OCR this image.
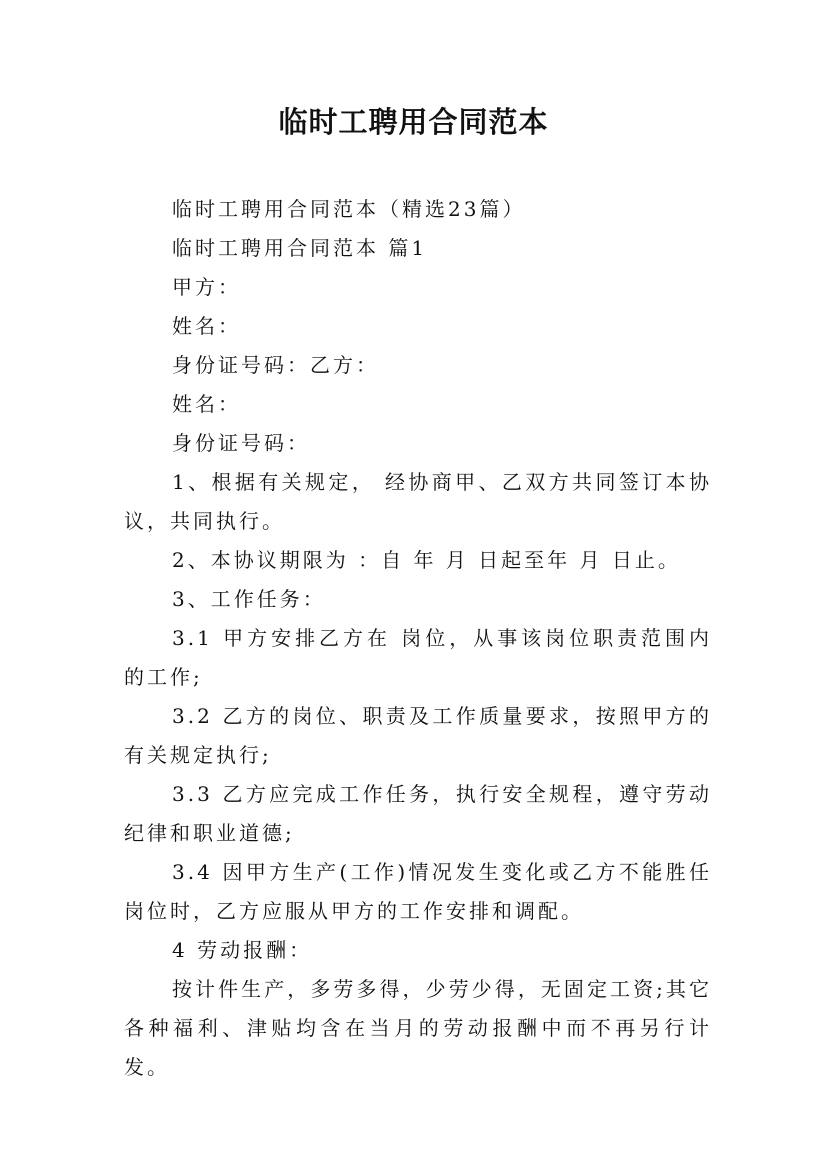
临时工聘用合同范本

临时工聘用合同范本（精选23篇）

临时工聘用合同范本 篇1

甲方：

姓名：

身份证号码：乙方：

姓名：

身份证号码：

1、根据有关规定， 经协商甲、乙双方共同签订本协议，共同执行。

2、本协议期限为 ：自 年 月 日起至年 月 日止。

3、工作任务：

3.1 甲方安排乙方在 岗位，从事该岗位职责范围内的工作;

3.2 乙方的岗位、职责及工作质量要求，按照甲方的有关规定执行;

3.3 乙方应完成工作任务，执行安全规程，遵守劳动纪律和职业道德;

3.4 因甲方生产(工作)情况发生变化或乙方不能胜任岗位时，乙方应服从甲方的工作安排和调配。

4 劳动报酬：

按计件生产，多劳多得，少劳少得，无固定工资;其它各种福利、津贴均含在当月的劳动报酬中而不再另行计发。
